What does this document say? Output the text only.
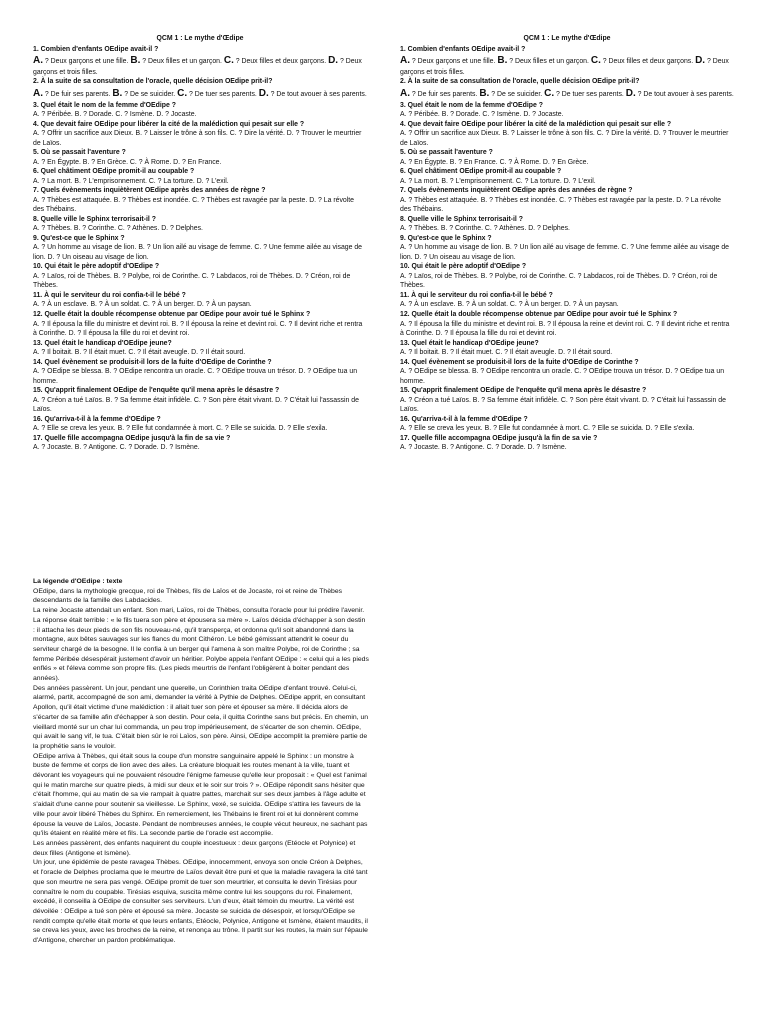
QCM 1 : Le mythe d'Œdipe
1. Combien d'enfants OEdipe avait-il ?
A. ? Deux garçons et une fille. B. ? Deux filles et un garçon. C. ? Deux filles et deux garçons. D. ? Deux garçons et trois filles.
2. À la suite de sa consultation de l'oracle, quelle décision OEdipe prit-il?
A. ? De fuir ses parents. B. ? De se suicider. C. ? De tuer ses parents. D. ? De tout avouer à ses parents.
3. Quel était le nom de la femme d'OEdipe ?
A. ? Péribée. B. ? Dorade. C. ? Ismène. D. ? Jocaste.
4. Que devait faire OEdipe pour libérer la cité de la malédiction qui pesait sur elle ?
A. ? Offrir un sacrifice aux Dieux. B. ? Laisser le trône à son fils. C. ? Dire la vérité. D. ? Trouver le meurtrier de Laïos.
5. Où se passait l'aventure ?
A. ? En Égypte. B. ? En Grèce. C. ? À Rome. D. ? En France.
6. Quel châtiment OEdipe promit-il au coupable ?
A. ? La mort. B. ? L'emprisonnement. C. ? La torture. D. ? L'exil.
7. Quels évènements inquiètèrent OEdipe après des années de règne ?
A. ? Thèbes est attaquée. B. ? Thèbes est inondée. C. ? Thèbes est ravagée par la peste. D. ? La révolte des Thébains.
8. Quelle ville le Sphinx terrorisait-il ?
A. ? Thèbes. B. ? Corinthe. C. ? Athènes. D. ? Delphes.
9. Qu'est-ce que le Sphinx ?
A. ? Un homme au visage de lion. B. ? Un lion ailé au visage de femme. C. ? Une femme ailée au visage de lion. D. ? Un oiseau au visage de lion.
10. Qui était le père adoptif d'OEdipe ?
A. ? Laïos, roi de Thèbes. B. ? Polybe, roi de Corinthe. C. ? Labdacos, roi de Thèbes. D. ? Créon, roi de Thèbes.
11. À qui le serviteur du roi confia-t-il le bébé ?
A. ? À un esclave. B. ? À un soldat. C. ? À un berger. D. ? À un paysan.
12. Quelle était la double récompense obtenue par OEdipe pour avoir tué le Sphinx ?
A. ? Il épousa la fille du ministre et devint roi. B. ? Il épousa la reine et devint roi. C. ? Il devint riche et rentra à Corinthe. D. ? Il épousa la fille du roi et devint roi.
13. Quel était le handicap d'OEdipe jeune?
A. ? Il boitait. B. ? Il était muet. C. ? Il était aveugle. D. ? Il était sourd.
14. Quel évènement se produisit-il lors de la fuite d'OEdipe de Corinthe ?
A. ? OEdipe se blessa. B. ? OEdipe rencontra un oracle. C. ? OEdipe trouva un trésor. D. ? OEdipe tua un homme.
15. Qu'apprit finalement OEdipe de l'enquête qu'il mena après le désastre ?
A. ? Créon a tué Laïos. B. ? Sa femme était infidèle. C. ? Son père était vivant. D. ? C'était lui l'assassin de Laïos.
16. Qu'arriva-t-il à la femme d'OEdipe ?
A. ? Elle se creva les yeux. B. ? Elle fut condamnée à mort. C. ? Elle se suicida. D. ? Elle s'exila.
17. Quelle fille accompagna OEdipe jusqu'à la fin de sa vie ?
A. ? Jocaste. B. ? Antigone. C. ? Dorade. D. ? Ismène.
QCM 1 : Le mythe d'Œdipe
1. Combien d'enfants OEdipe avait-il ?
A. ? Deux garçons et une fille. B. ? Deux filles et un garçon. C. ? Deux filles et deux garçons. D. ? Deux garçons et trois filles.
2. À la suite de sa consultation de l'oracle, quelle décision OEdipe prit-il?
A. ? De fuir ses parents. B. ? De se suicider. C. ? De tuer ses parents. D. ? De tout avouer à ses parents.
3. Quel était le nom de la femme d'OEdipe ?
A. ? Péribée. B. ? Dorade. C. ? Ismène. D. ? Jocaste.
4. Que devait faire OEdipe pour libérer la cité de la malédiction qui pesait sur elle ?
A. ? Offrir un sacrifice aux Dieux. B. ? Laisser le trône à son fils. C. ? Dire la vérité. D. ? Trouver le meurtrier de Laïos.
5. Où se passait l'aventure ?
A. ? En Égypte. B. ? En France. C. ? À Rome. D. ? En Grèce.
6. Quel châtiment OEdipe promit-il au coupable ?
A. ? La mort. B. ? L'emprisonnement. C. ? La torture. D. ? L'exil.
7. Quels évènements inquiètèrent OEdipe après des années de règne ?
A. ? Thèbes est attaquée. B. ? Thèbes est inondée. C. ? Thèbes est ravagée par la peste. D. ? La révolte des Thébains.
8. Quelle ville le Sphinx terrorisait-il ?
A. ? Thèbes. B. ? Corinthe. C. ? Athènes. D. ? Delphes.
9. Qu'est-ce que le Sphinx ?
A. ? Un homme au visage de lion. B. ? Un lion ailé au visage de femme. C. ? Une femme ailée au visage de lion. D. ? Un oiseau au visage de lion.
10. Qui était le père adoptif d'OEdipe ?
A. ? Laïos, roi de Thèbes. B. ? Polybe, roi de Corinthe. C. ? Labdacos, roi de Thèbes. D. ? Créon, roi de Thèbes.
11. À qui le serviteur du roi confia-t-il le bébé ?
A. ? À un esclave. B. ? À un soldat. C. ? À un berger. D. ? À un paysan.
12. Quelle était la double récompense obtenue par OEdipe pour avoir tué le Sphinx ?
A. ? Il épousa la fille du ministre et devint roi. B. ? Il épousa la reine et devint roi. C. ? Il devint riche et rentra à Corinthe. D. ? Il épousa la fille du roi et devint roi.
13. Quel était le handicap d'OEdipe jeune?
A. ? Il boitait. B. ? Il était muet. C. ? Il était aveugle. D. ? Il était sourd.
14. Quel évènement se produisit-il lors de la fuite d'OEdipe de Corinthe ?
A. ? OEdipe se blessa. B. ? OEdipe rencontra un oracle. C. ? OEdipe trouva un trésor. D. ? OEdipe tua un homme.
15. Qu'apprit finalement OEdipe de l'enquête qu'il mena après le désastre ?
A. ? Créon a tué Laïos. B. ? Sa femme était infidèle. C. ? Son père était vivant. D. ? C'était lui l'assassin de Laïos.
16. Qu'arriva-t-il à la femme d'OEdipe ?
A. ? Elle se creva les yeux. B. ? Elle fut condamnée à mort. C. ? Elle se suicida. D. ? Elle s'exila.
17. Quelle fille accompagna OEdipe jusqu'à la fin de sa vie ?
A. ? Jocaste. B. ? Antigone. C. ? Dorade. D. ? Ismène.
La légende d'OEdipe : texte

OEdipe, dans la mythologie grecque, roi de Thèbes, fils de Laïos et de Jocaste, roi et reine de Thèbes descendants de la famille des Labdacides.

La reine Jocaste attendait un enfant. Son mari, Laïos, roi de Thèbes, consulta l'oracle pour lui prédire l'avenir. La réponse était terrible : « le fils tuera son père et épousera sa mère ». Laïos décida d'échapper à son destin : il attacha les deux pieds de son fils nouveau-né, qu'il transperça, et ordonna qu'il soit abandonné dans la montagne, aux bêtes sauvages sur les flancs du mont Cithéron. Le bébé gémissant attendrit le coeur du serviteur chargé de la besogne. Il le confia à un berger qui l'amena à son maître Polybe, roi de Corinthe ; sa femme Péribée désespérait justement d'avoir un héritier. Polybe appela l'enfant OEdipe : « celui qui a les pieds enflés » et l'éleva comme son propre fils. (Les pieds meurtris de l'enfant l'obligèrent à boiter pendant des années).

Des années passèrent. Un jour, pendant une querelle, un Corinthien traita OEdipe d'enfant trouvé. Celui-ci, alarmé, partit, accompagné de son ami, demander la vérité à Pythie de Delphes. OEdipe apprit, en consultant Apollon, qu'il était victime d'une malédiction : il allait tuer son père et épouser sa mère. Il décida alors de s'écarter de sa famille afin d'échapper à son destin. Pour cela, il quitta Corinthe sans but précis. En chemin, un vieillard monté sur un char lui commanda, un peu trop impérieusement, de s'écarter de son chemin. OEdipe, qui avait le sang vif, le tua. C'était bien sûr le roi Laïos, son père. Ainsi, OEdipe accomplit la première partie de la prophétie sans le vouloir.

OEdipe arriva à Thèbes, qui était sous la coupe d'un monstre sanguinaire appelé le Sphinx : un monstre à buste de femme et corps de lion avec des ailes. La créature bloquait les routes menant à la ville, tuant et dévorant les voyageurs qui ne pouvaient résoudre l'énigme fameuse qu'elle leur proposait : « Quel est l'animal qui le matin marche sur quatre pieds, à midi sur deux et le soir sur trois ? ». OEdipe répondit sans hésiter que c'était l'homme, qui au matin de sa vie rampait à quatre pattes, marchait sur ses deux jambes à l'âge adulte et s'aidait d'une canne pour soutenir sa vieillesse. Le Sphinx, vexé, se suicida. OEdipe s'attira les faveurs de la ville pour avoir libéré Thèbes du Sphinx. En remerciement, les Thébains le firent roi et lui donnèrent comme épouse la veuve de Laïos, Jocaste. Pendant de nombreuses années, le couple vécut heureux, ne sachant pas qu'ils étaient en réalité mère et fils. La seconde partie de l'oracle est accomplie.

Les années passèrent, des enfants naquirent du couple incestueux : deux garçons (Etéocle et Polynice) et deux filles (Antigone et Ismène).

Un jour, une épidémie de peste ravagea Thèbes. OEdipe, innocemment, envoya son oncle Créon à Delphes, et l'oracle de Delphes proclama que le meurtre de Laïos devait être puni et que la maladie ravagera la cité tant que son meurtre ne sera pas vengé. OEdipe promit de tuer son meurtrier, et consulta le devin Tirésias pour connaître le nom du coupable. Tirésias esquiva, suscita même contre lui les soupçons du roi. Finalement, excédé, il conseilla à OEdipe de consulter ses serviteurs. L'un d'eux, était témoin du meurtre. La vérité est dévoilée : OEdipe a tué son père et épousé sa mère. Jocaste se suicida de désespoir, et lorsqu'OEdipe se rendit compte qu'elle était morte et que leurs enfants, Etéocle, Polynice, Antigone et Ismène, étaient maudits, il se creva les yeux, avec les broches de la reine, et renonça au trône. Il partit sur les routes, la main sur l'épaule d'Antigone, chercher un pardon problématique.
